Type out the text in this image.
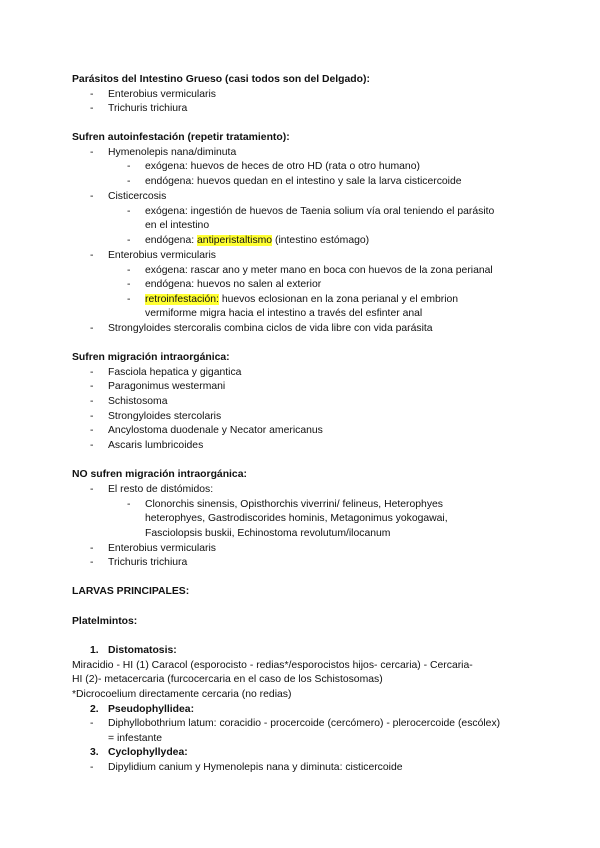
Parásitos del Intestino Grueso (casi todos son del Delgado):
- Enterobius vermicularis
- Trichuris trichiura
Sufren autoinfestación (repetir tratamiento):
- Hymenolepis nana/diminuta
- exógena: huevos de heces de otro HD (rata o otro humano)
- endógena: huevos quedan en el intestino y sale la larva cisticercoide
- Cisticercosis
- exógena: ingestión de huevos de Taenia solium vía oral teniendo el parásito
en el intestino
- endógena: antiperistaltismo (intestino estómago)
- Enterobius vermicularis
- exógena: rascar ano y meter mano en boca con huevos de la zona perianal
- endógena: huevos no salen al exterior
- retroinfestación: huevos eclosionan en la zona perianal y el embrion
vermiforme migra hacia el intestino a través del esfinter anal
- Strongyloides stercoralis combina ciclos de vida libre con vida parásita
Sufren migración intraorgánica:
- Fasciola hepatica y gigantica
- Paragonimus westermani
- Schistosoma
- Strongyloides stercolaris
- Ancylostoma duodenale y Necator americanus
- Ascaris lumbricoides
NO sufren migración intraorgánica:
- El resto de distómidos:
- Clonorchis sinensis, Opisthorchis viverrini/ felineus, Heterophyes
heterophyes, Gastrodiscorides hominis, Metagonimus yokogawai,
Fasciolopsis buskii, Echinostoma revolutum/ilocanum
- Enterobius vermicularis
- Trichuris trichiura
LARVAS PRINCIPALES:
Platelmintos:
1. Distomatosis:
Miracidio - HI (1) Caracol (esporocisto - redias*/esporocistos hijos- cercaria) - Cercaria-
HI (2)- metacercaria (furcocercaria en el caso de los Schistosomas)
*Dicrocoelium directamente cercaria (no redias)
2. Pseudophyllidea:
- Diphyllobothrium latum: coracidio - procercoide (cercómero) - plerocercoide (escólex)
= infestante
3. Cyclophyllydea:
- Dipylidium canium y Hymenolepis nana y diminuta: cisticercoide
